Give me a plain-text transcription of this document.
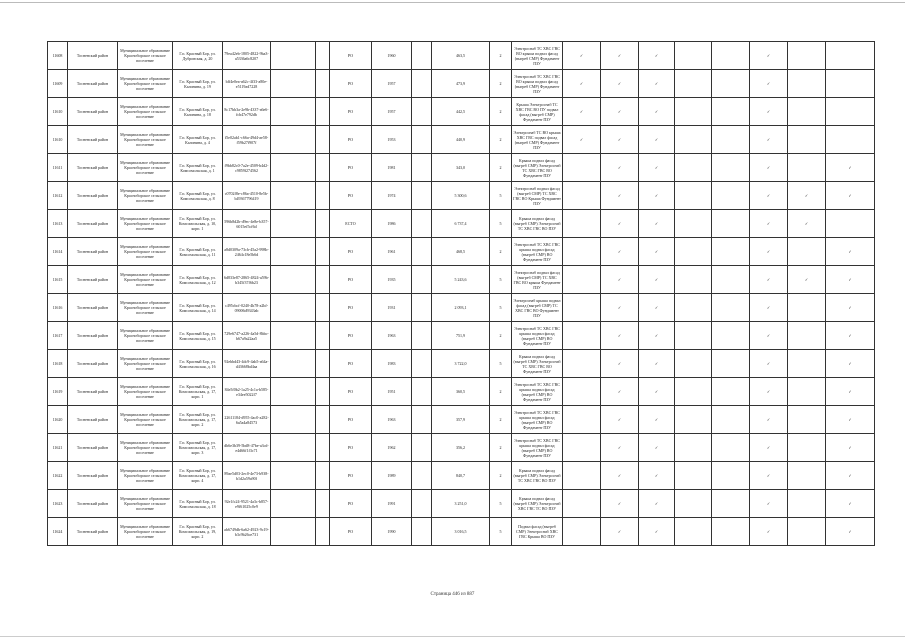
11608	Тосненский район	Муниципальное образование Красноборское сельское поселение	Г.п. Красный Бор, ул. Дубровская, д. 20	79ea42eb-1805-4822-9ba3-a5336a6c8207			РО	1960		463,5	2	Электроснаб ТС ХВС ГВС ВО крыша подвал фасад (выгреб СМР) Фундамент ПЗУ	✓	✓	✓			✓		
11609	Тосненский район	Муниципальное образование Красноборское сельское поселение	Г.п. Красный Бор, ул. Калинина, д. 19	bff4e0ea-a62c-4f33-a80e-e5119ad7228			РО	1957		473,9	2	Электроснаб ТС ХВС ГВС ВО крыша подвал фасад (выгреб СМР) Фундамент ПЗУ	✓	✓	✓			✓		
11610	Тосненский район	Муниципальное образование Красноборское сельское поселение	Г.п. Красный Бор, ул. Калинина, д. 18	8c17bb3a-2e9b-4337-a6e6-fcb47e792db			РО	1957		442,5	2	Крыша Электроснаб ТС ХВС ГВС ВО ПУ подвал фасад (выгреб СМР) Фундамент ПЗУ	✓	✓	✓			✓		
11610	Тосненский район	Муниципальное образование Красноборское сельское поселение	Г.п. Красный Бор, ул. Калинина, д. 4	f5e02ab1-c66a-49d4-ae58-f59b27f907f			РО	1953		440,9	2	Электроснаб ТС ВО крыша ХВС ГВС подвал фасад (выгреб СМР) Фундамент ПЗУ	✓	✓	✓			✓		
11611	Тосненский район	Муниципальное образование Красноборское сельское поселение	Г.п. Красный Бор, ул. Комсомольская, д. 1	f9bb82c0-7a2e-4509-b4d2-c9859f274562			РО	1981		343,0	2	Крыша подвал фасад (выгреб СМР) Электроснаб ТС ХВС ГВС ВО Фундамент ПЗУ		✓	✓			✓		✓
11612	Тосненский район	Муниципальное образование Красноборское сельское поселение	Г.п. Красный Бор, ул. Комсомольская, д. 8	c0702f8e-c86a-4510-8e5b-b49367796419			РО	1974		5 300,6	5	Электроснаб подвал фасад (выгреб СМР) ТС ХВС ГВС ВО Крыша Фундамент ПЗУ		✓	✓			✓	✓	✓
11613	Тосненский район	Муниципальное образование Красноборское сельское поселение	Г.п. Красный Бор, ул. Комсомольская, д. 10, корп. 1	596b8d2b-d9ec-4e8e-b357-6015ef5cf6d			ЕСТО	1986		6 737,4	5	Крыша подвал фасад (выгреб СМР) Электроснаб ТС ХВС ГВС ВО ПЗУ		✓	✓			✓	✓	
11614	Тосненский район	Муниципальное образование Красноборское сельское поселение	Г.п. Красный Бор, ул. Комсомольская, д. 11	a8d0309a-73cb-45a2-998b-2464c18e5b6d			РО	1961		468,5	2	Электроснаб ТС ХВС ГВС крыша подвал фасад (выгреб СМР) ВО Фундамент ПЗУ		✓	✓			✓		✓
11615	Тосненский район	Муниципальное образование Красноборское сельское поселение	Г.п. Красный Бор, ул. Комсомольская, д. 12	6d833e87-2865-4824-a59b-b345f37f6b23			РО	1935		5 243,6	5	Электроснаб подвал фасад (выгреб СМР) ТС ХВС ГВС ВО крыша Фундамент ПЗУ		✓	✓			✓	✓	✓
11616	Тосненский район	Муниципальное образование Красноборское сельское поселение	Г.п. Красный Бор, ул. Комсомольская, д. 14	c495cbcf-0240-4b78-a2bf-09006d9343ab			РО	1931		2 093,1	5	Электроснаб крыша подвал фасад (выгреб СМР) ТС ХВС ГВС ВО Фундамент ПЗУ		✓	✓			✓		✓
11617	Тосненский район	Муниципальное образование Красноборское сельское поселение	Г.п. Красный Бор, ул. Комсомольская, д. 15	729e6747-a226-4a5d-8bbc-b67a9a22aa5			РО	1963		751,9	2	Электроснаб ТС ХВС ГВС крыша подвал фасад (выгреб СМР) ВО Фундамент ПЗУ		✓	✓			✓		✓
11618	Тосненский район	Муниципальное образование Красноборское сельское поселение	Г.п. Красный Бор, ул. Комсомольская, д. 16	92ebbd43-4dc9-4ab5-a64a-d43668bd4aa			РО	1983		3 722,0	5	Крыша подвал фасад (выгреб СМР) Электроснаб ТС ХВС ГВС ВО Фундамент ПЗУ		✓	✓			✓		✓
11619	Тосненский район	Муниципальное образование Красноборское сельское поселение	Г.п. Красный Бор, ул. Комсомольская, д. 17, корп. 1	84e5f0b2-1a25-4c1a-b585-e34ee5022f7			РО	1951		360,5	2	Электроснаб ТС ХВС ГВС крыша подвал фасад (выгреб СМР) ВО Фундамент ПЗУ		✓	✓			✓		✓
11620	Тосненский район	Муниципальное образование Красноборское сельское поселение	Г.п. Красный Бор, ул. Комсомольская, д. 17, корп. 2	22611184-d955-4ac0-a282-6a5a4a84573			РО	1963		357,9	2	Электроснаб ТС ХВС ГВС крыша подвал фасад (выгреб СМР) ВО Фундамент ПЗУ		✓	✓			✓		✓
11621	Тосненский район	Муниципальное образование Красноборское сельское поселение	Г.п. Красный Бор, ул. Комсомольская, д. 17, корп. 3	db6e3b39-5bd8-47be-a3cd-e4d66f1f3c71			РО	1962		356,2	2	Электроснаб ТС ХВС ГВС крыша подвал фасад (выгреб СМР) ВО Фундамент ПЗУ		✓	✓			✓		✓
11622	Тосненский район	Муниципальное образование Красноборское сельское поселение	Г.п. Красный Бор, ул. Комсомольская, д. 17, корп. 4	89ae5d03-2ec0-4e73-b938-b1d2a59a90f			РО	1989		840,7	2	Крыша подвал фасад (выгреб СМР) Электроснаб ТС ХВС ГВС ВО ПЗУ		✓	✓			✓		✓
11623	Тосненский район	Муниципальное образование Красноборское сельское поселение	Г.п. Красный Бор, ул. Комсомольская, д. 18	92e1fc24-9521-4a3c-b857-e9f61025c0e9			РО	1991		3 251,0	5	Крыша подвал фасад (выгреб СМР) Электроснаб ХВС ГВС ТС ВО ПЗУ		✓	✓			✓		✓
11624	Тосненский район	Муниципальное образование Красноборское сельское поселение	Г.п. Красный Бор, ул. Комсомольская, д. 19, корп. 2	ab6749db-6a62-4923-9c19-b3c9b26ce731			РО	1990		3 016,5	5	Подвал фасад (выгреб СМР) Электроснаб ХВС ГВС Крыша ВО ПЗУ		✓	✓			✓		✓
Страница 446 из 887
